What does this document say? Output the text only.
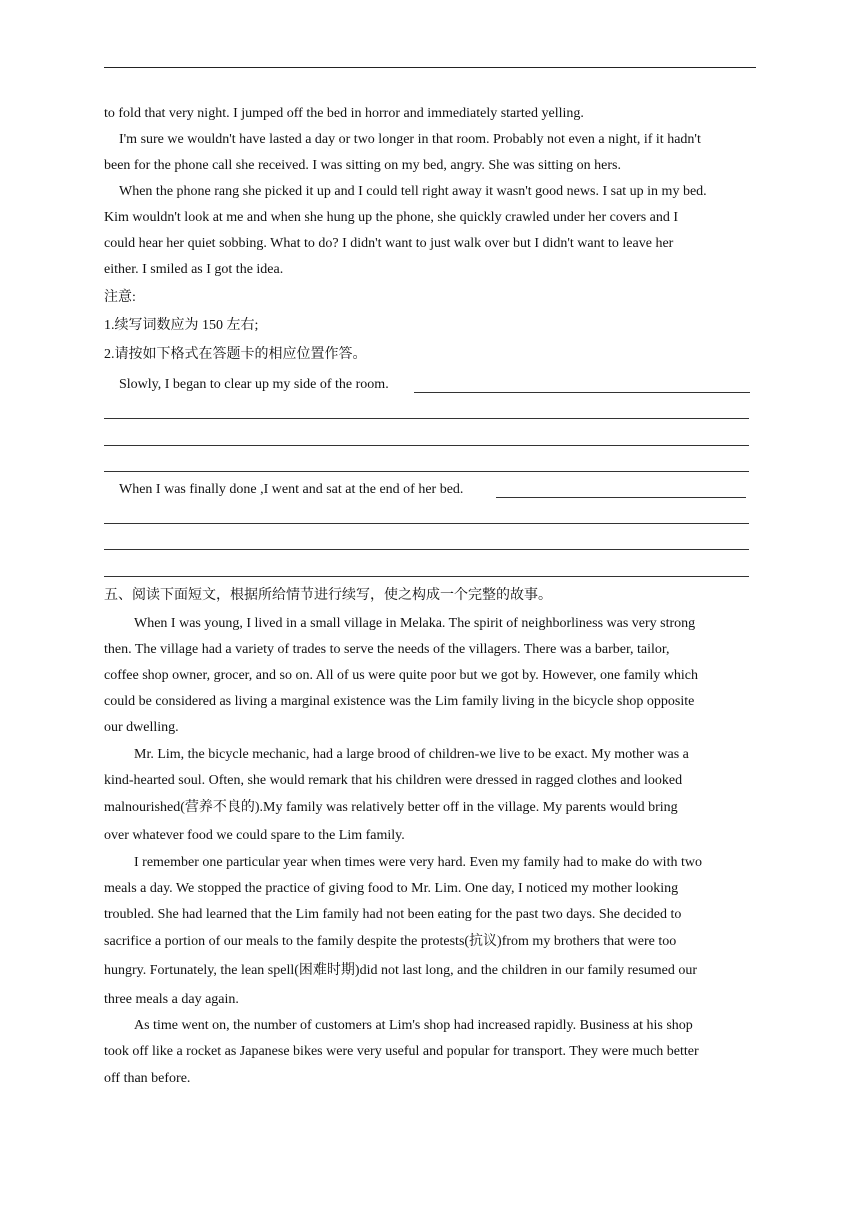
to fold that very night. I jumped off the bed in horror and immediately started yelling.
I'm sure we wouldn't have lasted a day or two longer in that room. Probably not even a night, if it hadn't
been for the phone call she received. I was sitting on my bed, angry. She was sitting on hers.
When the phone rang she picked it up and I could tell right away it wasn't good news. I sat up in my bed.
Kim wouldn't look at me and when she hung up the phone, she quickly crawled under her covers and I
could hear her quiet sobbing. What to do? I didn't want to just walk over but I didn't want to leave her
either. I smiled as I got the idea.
注意:
1.续写词数应为 150 左右;
2.请按如下格式在答题卡的相应位置作答。
Slowly, I began to clear up my side of the room.
When I was finally done ,I went and sat at the end of her bed.
五、阅读下面短文，根据所给情节进行续写，使之构成一个完整的故事。
When I was young, I lived in a small village in Melaka. The spirit of neighborliness was very strong
then. The village had a variety of trades to serve the needs of the villagers. There was a barber, tailor,
coffee shop owner, grocer, and so on. All of us were quite poor but we got by. However, one family which
could be considered as living a marginal existence was the Lim family living in the bicycle shop opposite
our dwelling.
Mr. Lim, the bicycle mechanic, had a large brood of children-we live to be exact. My mother was a
kind-hearted soul. Often, she would remark that his children were dressed in ragged clothes and looked
malnourished(营养不良的).My family was relatively better off in the village. My parents would bring
over whatever food we could spare to the Lim family.
I remember one particular year when times were very hard. Even my family had to make do with two
meals a day. We stopped the practice of giving food to Mr. Lim. One day, I noticed my mother looking
troubled. She had learned that the Lim family had not been eating for the past two days. She decided to
sacrifice a portion of our meals to the family despite the protests(抗议)from my brothers that were too
hungry. Fortunately, the lean spell(困难时期)did not last long, and the children in our family resumed our
three meals a day again.
As time went on, the number of customers at Lim's shop had increased rapidly. Business at his shop
took off like a rocket as Japanese bikes were very useful and popular for transport. They were much better
off than before.
